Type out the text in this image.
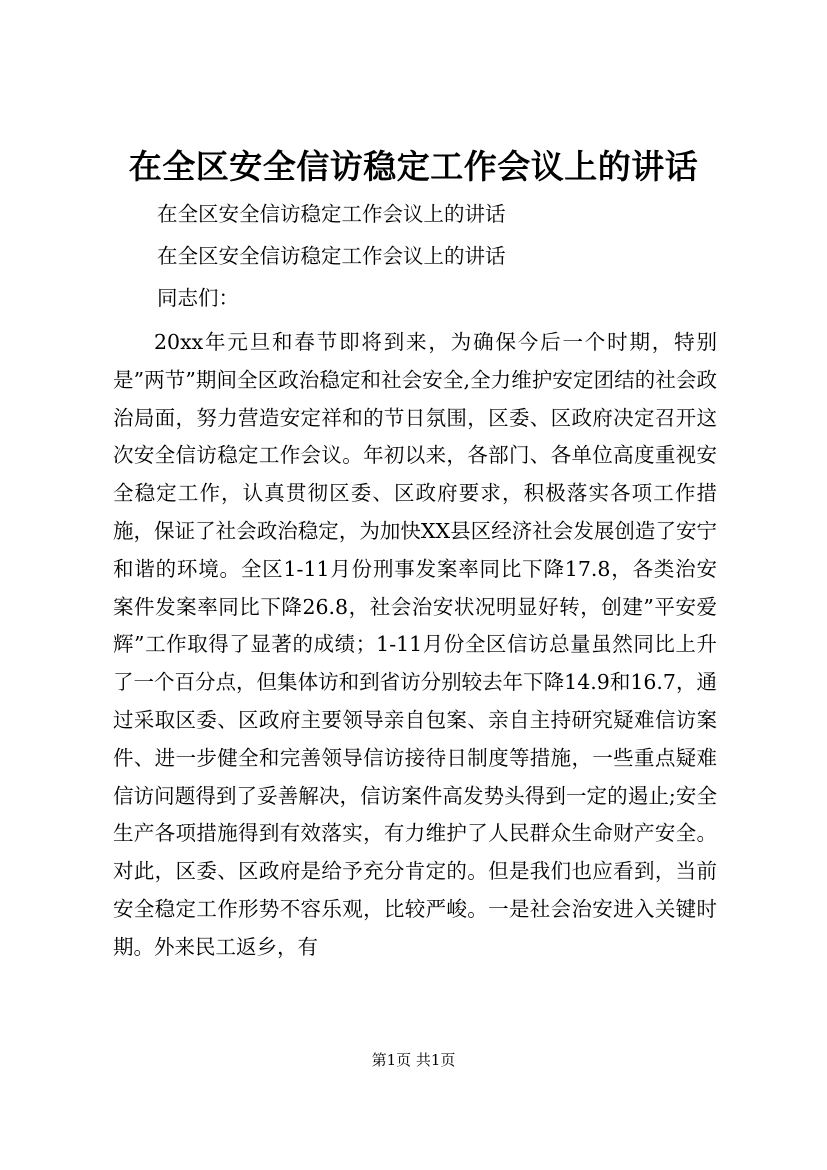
在全区安全信访稳定工作会议上的讲话
在全区安全信访稳定工作会议上的讲话
在全区安全信访稳定工作会议上的讲话
同志们：

20xx年元旦和春节即将到来，为确保今后一个时期，特别是”两节”期间全区政治稳定和社会安全,全力维护安定团结的社会政治局面，努力营造安定祥和的节日氛围，区委、区政府决定召开这次安全信访稳定工作会议。年初以来，各部门、各单位高度重视安全稳定工作，认真贯彻区委、区政府要求，积极落实各项工作措施，保证了社会政治稳定，为加快XX县区经济社会发展创造了安宁和谐的环境。全区1-11月份刑事发案率同比下降17.8，各类治安案件发案率同比下降26.8，社会治安状况明显好转，创建”平安爱辉”工作取得了显著的成绩；1-11月份全区信访总量虽然同比上升了一个百分点，但集体访和到省访分别较去年下降14.9和16.7，通过采取区委、区政府主要领导亲自包案、亲自主持研究疑难信访案件、进一步健全和完善领导信访接待日制度等措施，一些重点疑难信访问题得到了妥善解决，信访案件高发势头得到一定的遏止;安全生产各项措施得到有效落实，有力维护了人民群众生命财产安全。对此，区委、区政府是给予充分肯定的。但是我们也应看到，当前安全稳定工作形势不容乐观，比较严峻。一是社会治安进入关键时期。外来民工返乡，有

第1页 共1页
